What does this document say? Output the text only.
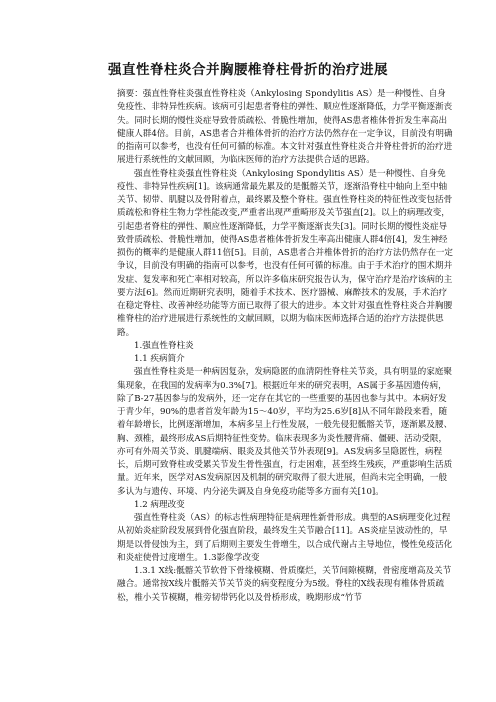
强直性脊柱炎合并胸腰椎脊柱骨折的治疗进展

摘要：强直性脊柱炎强直性脊柱炎（Ankylosing Spondylitis AS）是一种慢性、自身免疫性、非特异性疾病。该病可引起患者脊柱的弹性、顺应性逐渐降低，力学平衡逐渐丧失。同时长期的慢性炎症导致骨质疏松、骨脆性增加，使得AS患者椎体骨折发生率高出健康人群4倍。目前，AS患者合并椎体骨折的治疗方法仍然存在一定争议，目前没有明确的指南可以参考，也没有任何可循的标准。本文针对强直性脊柱炎合并脊柱骨折的治疗进展进行系统性的文献回顾，为临床医师的治疗方法提供合适的思路。

强直性脊柱炎强直性脊柱炎（Ankylosing Spondylitis AS）是一种慢性、自身免疫性、非特异性疾病[1]。该病通常最先累及的是骶髂关节，逐渐沿脊柱中轴向上至中轴关节、韧带、肌腱以及骨附着点，最终累及整个脊柱。强直性脊柱炎的特征性改变包括骨质疏松和脊柱生物力学性能改变,严重者出现严重畸形及关节强直[2]。以上的病理改变，引起患者脊柱的弹性、顺应性逐渐降低，力学平衡逐渐丧失[3]。同时长期的慢性炎症导致骨质疏松、骨脆性增加，使得AS患者椎体骨折发生率高出健康人群4倍[4]，发生神经损伤的概率约是健康人群11倍[5]。目前，AS患者合并椎体骨折的治疗方法仍然存在一定争议，目前没有明确的指南可以参考，也没有任何可循的标准。由于手术治疗的围术期并发症、复发率和死亡率相对较高，所以许多临床研究报告认为，保守治疗是治疗该病的主要方法[6]。然而近期研究表明，随着手术技术、医疗器械、麻醉技术的发展，手术治疗在稳定脊柱、改善神经功能等方面已取得了很大的进步。本文针对强直性脊柱炎合并胸腰椎脊柱的治疗进展进行系统性的文献回顾，以期为临床医师选择合适的治疗方法提供思路。

1.强直性脊柱炎

1.1 疾病简介

强直性脊柱炎是一种病因复杂，发病隐匿的血清阴性脊柱关节炎，具有明显的家庭聚集现象，在我国的发病率为0.3%[7]。根据近年来的研究表明，AS属于多基因遗传病，除了B-27基因参与的发病外，还一定存在其它的一些重要的基因也参与其中。本病好发于青少年，90%的患者首发年龄为15～40岁，平均为25.6岁[8]从不同年龄段来看，随着年龄增长，比例逐渐增加，本病多呈上行性发展，一般先侵犯骶髂关节，逐渐累及腰、胸、颈椎，最终形成AS后期特征性变势。临床表现多为炎性腰背痛、僵硬、活动受限，亦可有外周关节炎、肌腱端病、眼炎及其他关节外表现[9]。AS发病多呈隐匿性，病程长，后期可致脊柱或受累关节发生骨性强直，行走困难，甚至终生残疾，严重影响生活质量。近年来，医学对AS发病原因及机制的研究取得了很大进展，但尚未完全明确，一般多认为与遗传、环境、内分泌失调及自身免疫功能等多方面有关[10]。

1.2 病理改变

强直性脊柱炎（AS）的标志性病理特征是病理性新骨形成。典型的AS病理变化过程从初始炎症阶段发展到骨化强直阶段，最终发生关节融合[11]。AS炎症呈波动性的，早期是以骨侵蚀为主，到了后期则主要发生骨增生，以合成代谢占主导地位，慢性免疫活化和炎症使骨过度增生。1.3影像学改变

1.3.1 X线:骶髂关节软骨下骨缘模糊、骨质糜烂，关节间隙模糊，骨密度增高及关节融合。通常按X线片骶髂关节关节炎的病变程度分为5级。脊柱的X线表现有椎体骨质疏松，椎小关节模糊，椎旁韧带钙化以及骨桥形成，晚期形成“竹节
